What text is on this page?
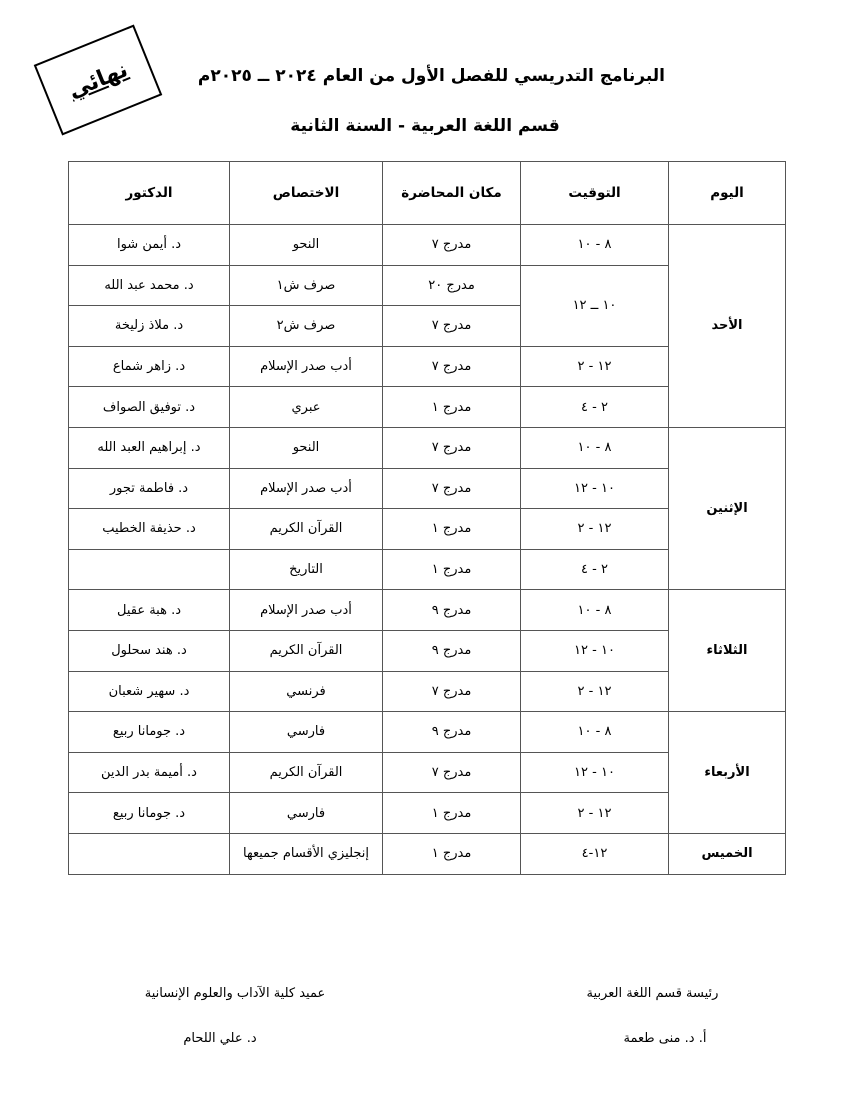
نهائي	البرنامج التدريسي للفصل الأول من العام ٢٠٢٤ ــ ٢٠٢٥م
قسم اللغة العربية - السنة الثانية
اليوم	التوقيت	مكان المحاضرة	الاختصاص	الدكتور
الأحد	٨ - ١٠	مدرج ٧	النحو	د. أيمن شوا
	١٠ ــ ١٢	مدرج ٢٠	صرف ش١	د. محمد عبد الله
		مدرج ٧	صرف ش٢	د. ملاذ زليخة
	١٢ - ٢	مدرج ٧	أدب صدر الإسلام	د. زاهر شماع
	٢ - ٤	مدرج ١	عبري	د. توفيق الصواف
الإثنين	٨ - ١٠	مدرج ٧	النحو	د. إبراهيم العبد الله
	١٠ - ١٢	مدرج ٧	أدب صدر الإسلام	د. فاطمة تجور
	١٢ - ٢	مدرج ١	القرآن الكريم	د. حذيفة الخطيب
	٢ - ٤	مدرج ١	التاريخ	
الثلاثاء	٨ - ١٠	مدرج ٩	أدب صدر الإسلام	د. هبة عقيل
	١٠ - ١٢	مدرج ٩	القرآن الكريم	د. هند سحلول
	١٢ - ٢	مدرج ٧	فرنسي	د. سهير شعبان
الأربعاء	٨ - ١٠	مدرج ٩	فارسي	د. جومانا ربيع
	١٠ - ١٢	مدرج ٧	القرآن الكريم	د. أميمة بدر الدين
	١٢ - ٢	مدرج ١	فارسي	د. جومانا ربيع
الخميس	١٢-٤	مدرج ١	إنجليزي الأقسام جميعها	
رئيسة قسم اللغة العربية
أ. د. منى طعمة
عميد كلية الآداب والعلوم الإنسانية
د. علي اللحام
